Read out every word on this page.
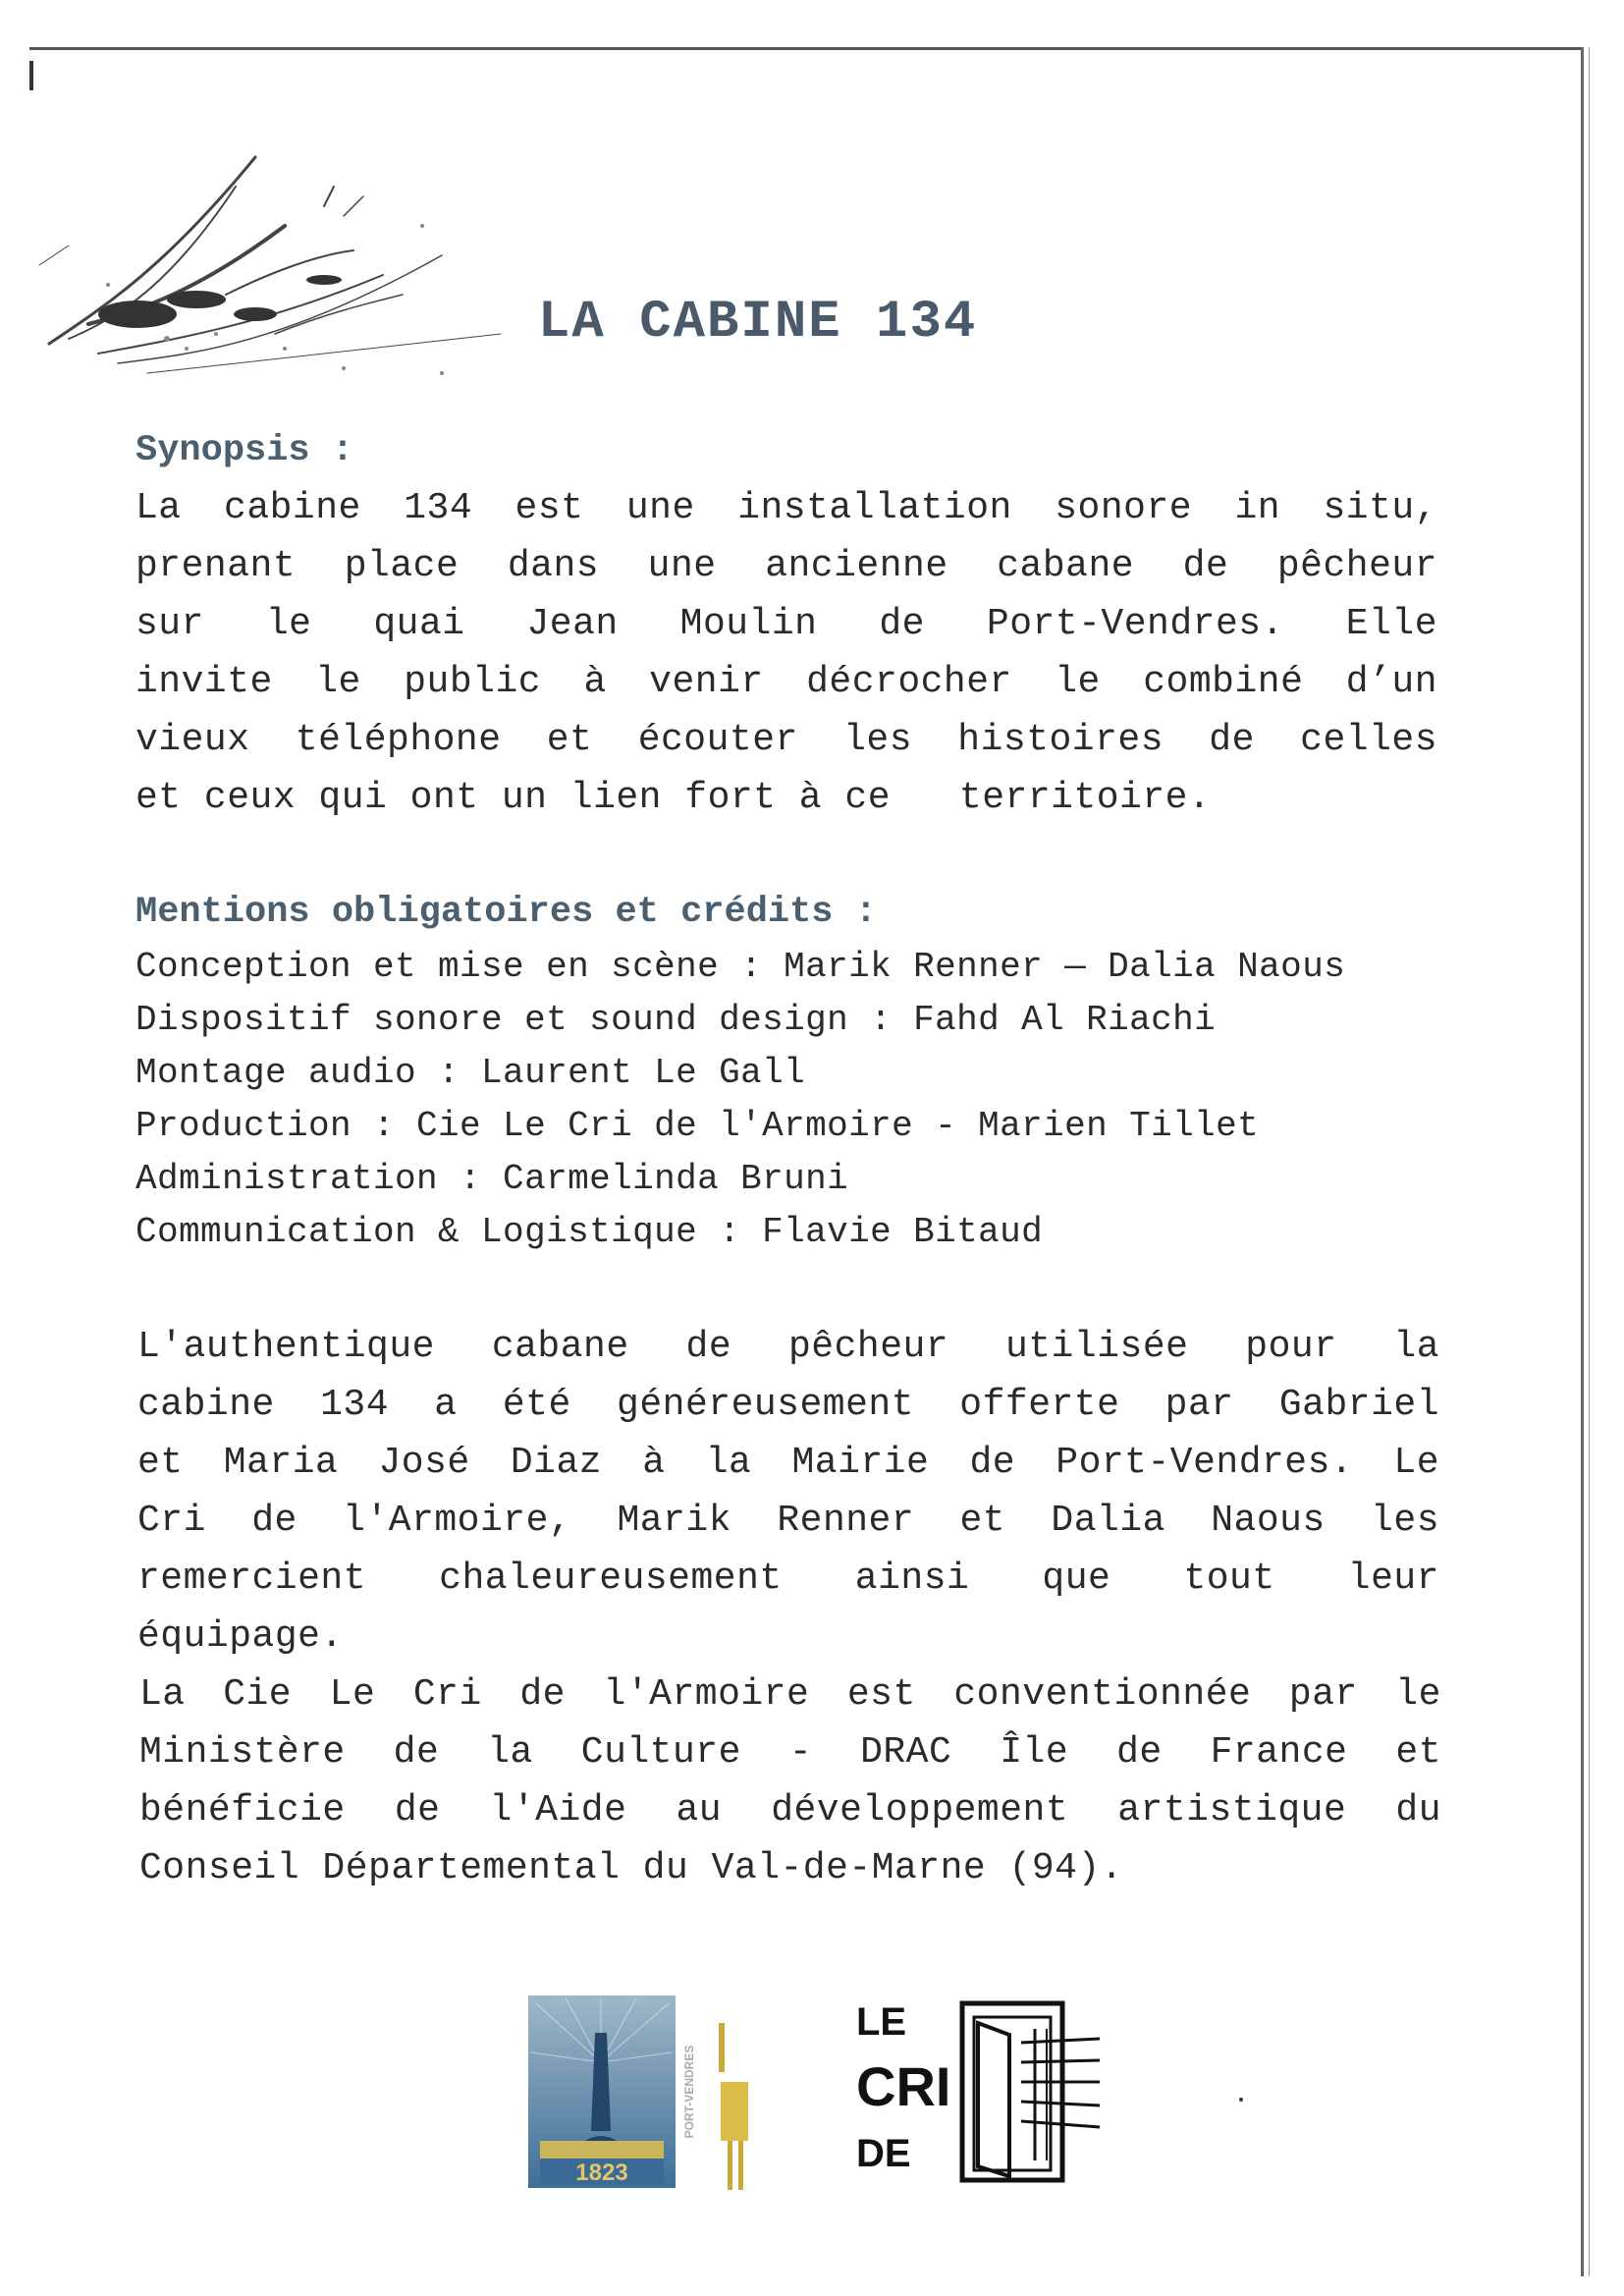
LA CABINE 134
Synopsis :
La cabine 134 est une installation sonore in situ,
prenant place dans une ancienne cabane de pêcheur
sur le quai Jean Moulin de Port-Vendres. Elle
invite le public à venir décrocher le combiné d’un
vieux téléphone et écouter les histoires de celles
et ceux qui ont un lien fort à ce   territoire.
Mentions obligatoires et crédits :
Conception et mise en scène : Marik Renner — Dalia Naous
Dispositif sonore et sound design : Fahd Al Riachi
Montage audio : Laurent Le Gall
Production : Cie Le Cri de l'Armoire - Marien Tillet
Administration : Carmelinda Bruni
Communication & Logistique : Flavie Bitaud
L'authentique cabane de pêcheur utilisée pour la
cabine 134 a été généreusement offerte par Gabriel
et Maria José Diaz à la Mairie de Port-Vendres. Le
Cri de l'Armoire, Marik Renner et Dalia Naous les
remercient chaleureusement ainsi que tout leur
équipage.
La Cie Le Cri de l'Armoire est conventionnée par le
Ministère de la Culture - DRAC Île de France et
bénéficie de l'Aide au développement artistique du
Conseil Départemental du Val-de-Marne (94).
1823
PORT-VENDRES
LE
CRI
DE
